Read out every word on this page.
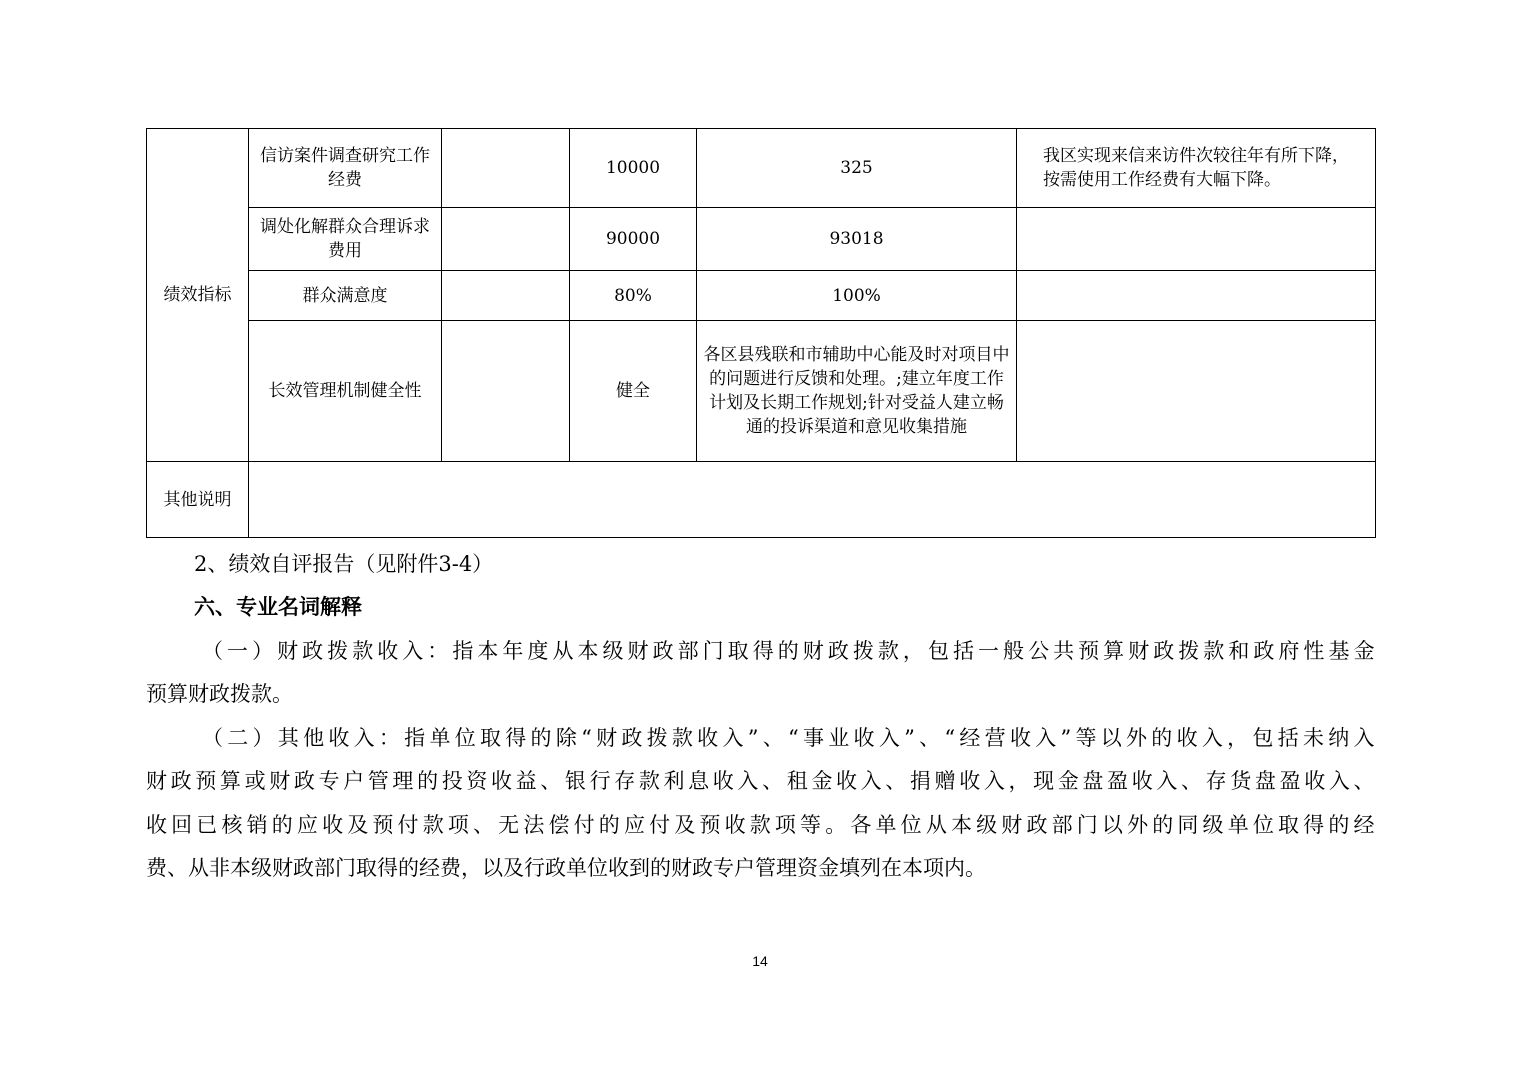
绩效指标	信访案件调查研究工作经费		10000	325	我区实现来信来访件次较往年有所下降，按需使用工作经费有大幅下降。
	调处化解群众合理诉求费用		90000	93018	
	群众满意度		80%	100%	
	长效管理机制健全性		健全	各区县残联和市辅助中心能及时对项目中的问题进行反馈和处理。;建立年度工作计划及长期工作规划;针对受益人建立畅通的投诉渠道和意见收集措施	
其他说明					
2、绩效自评报告（见附件3-4）
六、专业名词解释
（一）财政拨款收入：指本年度从本级财政部门取得的财政拨款，包括一般公共预算财政拨款和政府性基金
预算财政拨款。
（二）其他收入：指单位取得的除“财政拨款收入”、“事业收入”、“经营收入”等以外的收入，包括未纳入
财政预算或财政专户管理的投资收益、银行存款利息收入、租金收入、捐赠收入，现金盘盈收入、存货盘盈收入、
收回已核销的应收及预付款项、无法偿付的应付及预收款项等。各单位从本级财政部门以外的同级单位取得的经
费、从非本级财政部门取得的经费，以及行政单位收到的财政专户管理资金填列在本项内。
14
